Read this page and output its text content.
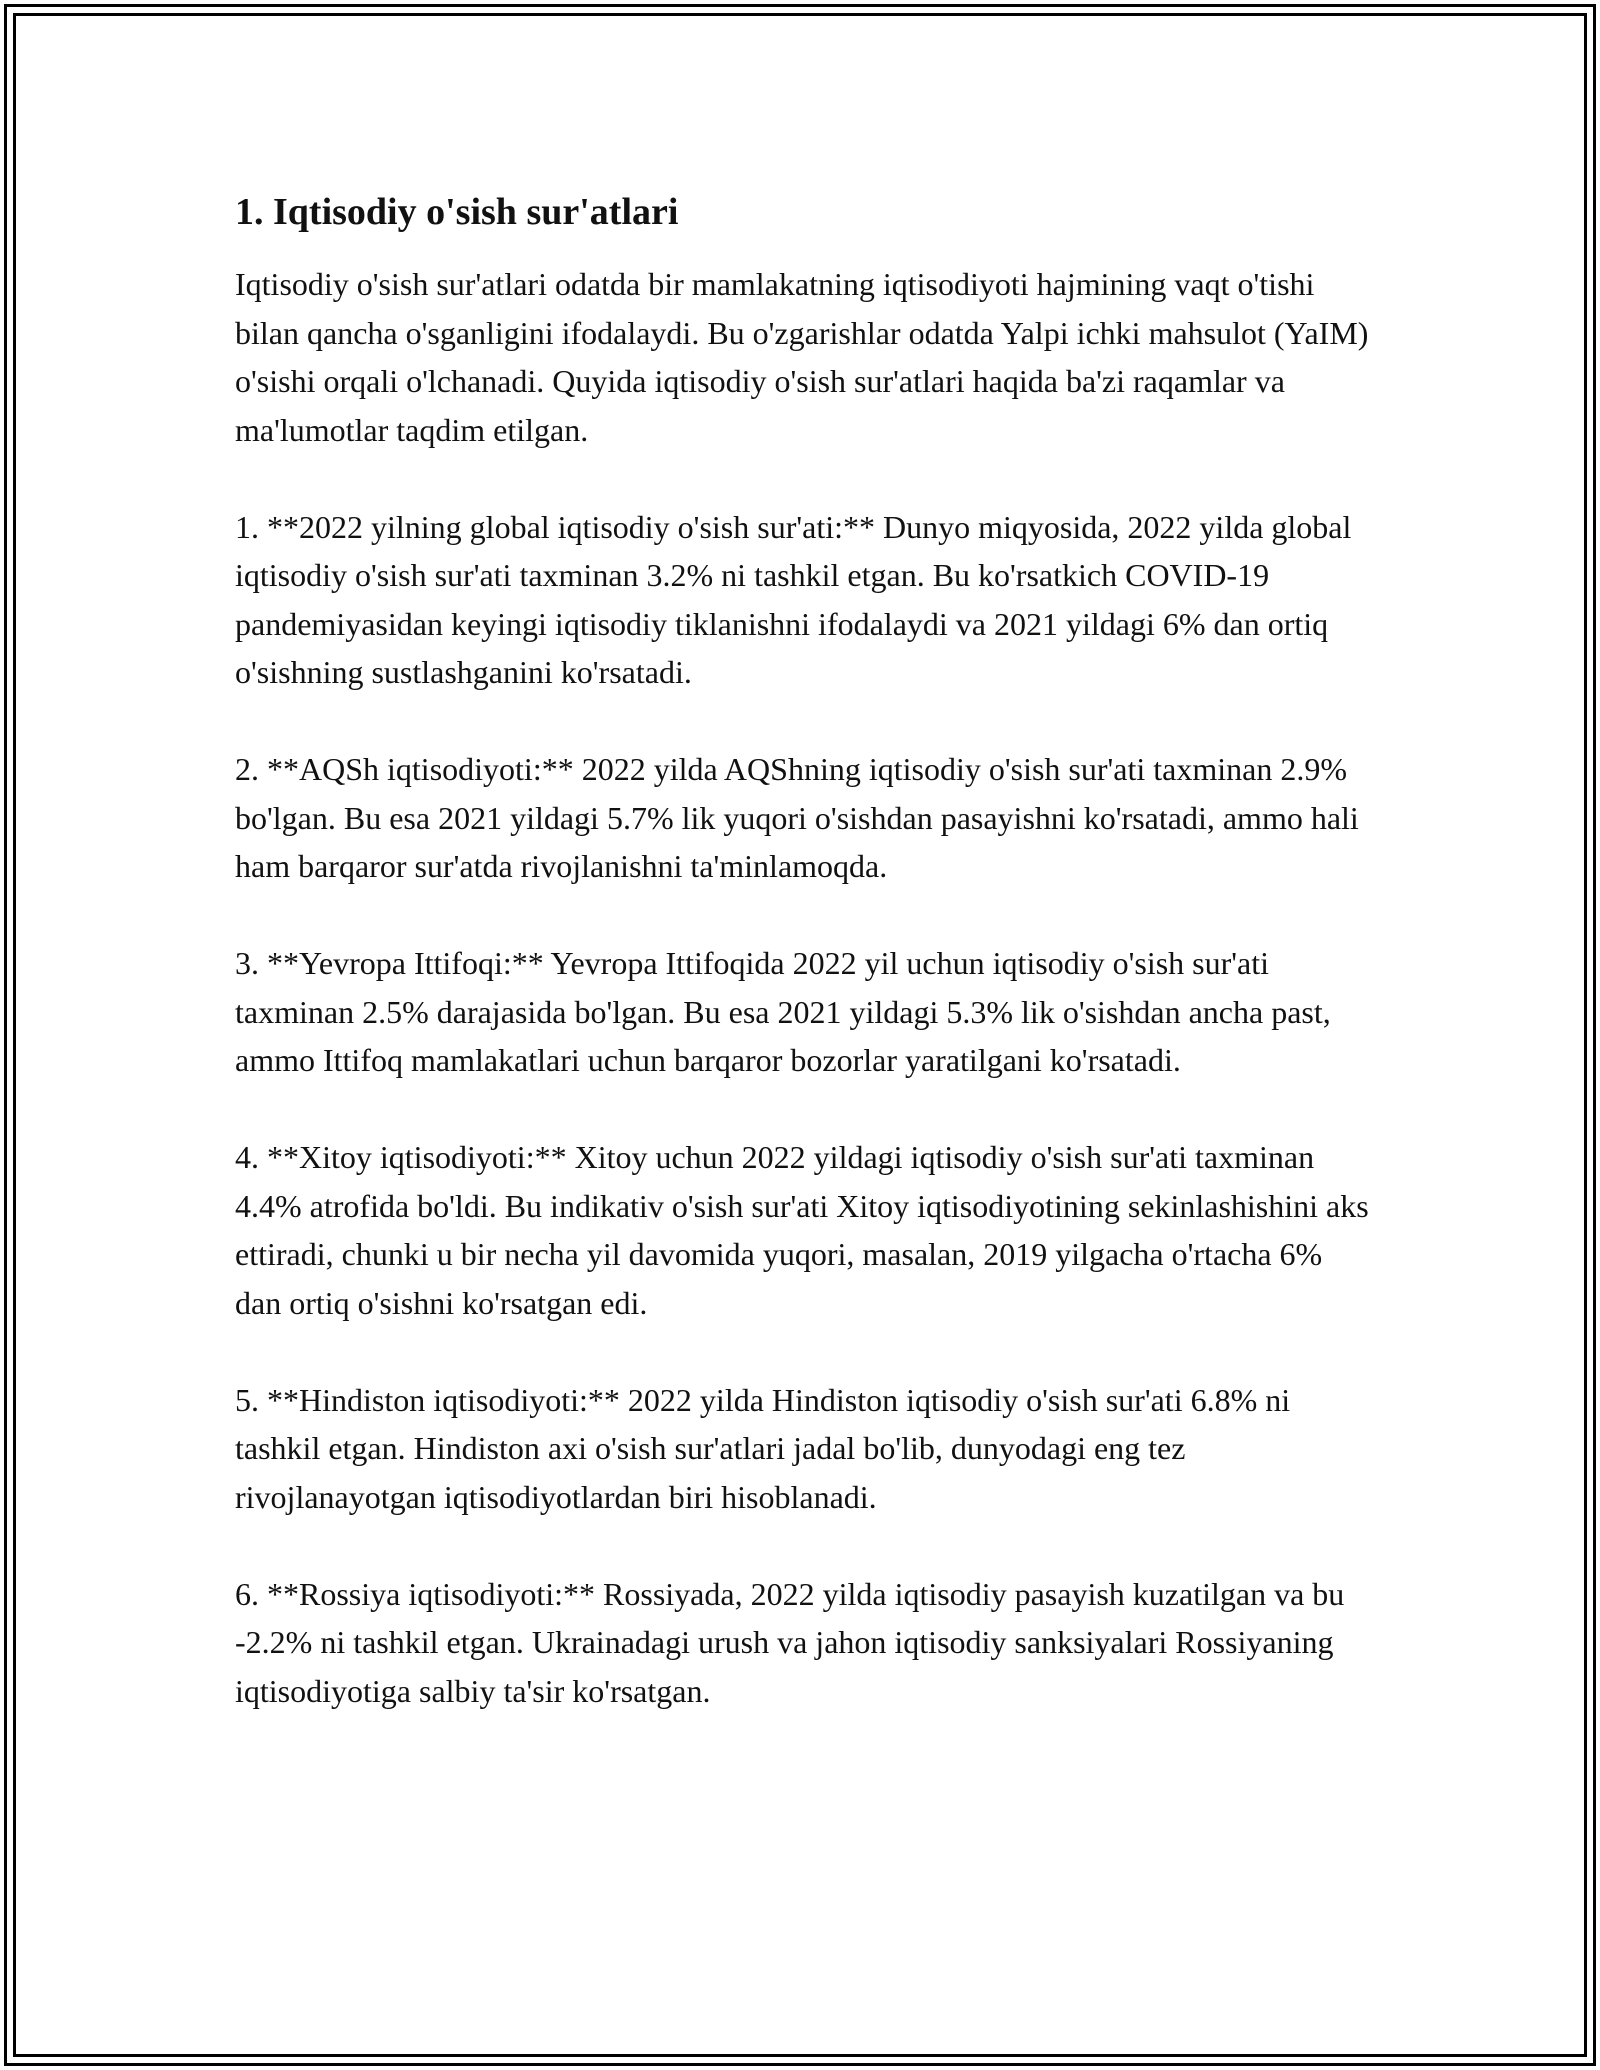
1. Iqtisodiy o'sish sur'atlari

Iqtisodiy o'sish sur'atlari odatda bir mamlakatning iqtisodiyoti hajmining vaqt o'tishi bilan qancha o'sganligini ifodalaydi. Bu o'zgarishlar odatda Yalpi ichki mahsulot (YaIM) o'sishi orqali o'lchanadi. Quyida iqtisodiy o'sish sur'atlari haqida ba'zi raqamlar va ma'lumotlar taqdim etilgan.

1. **2022 yilning global iqtisodiy o'sish sur'ati:** Dunyo miqyosida, 2022 yilda global iqtisodiy o'sish sur'ati taxminan 3.2% ni tashkil etgan. Bu ko'rsatkich COVID-19 pandemiyasidan keyingi iqtisodiy tiklanishni ifodalaydi va 2021 yildagi 6% dan ortiq o'sishning sustlashganini ko'rsatadi.

2. **AQSh iqtisodiyoti:** 2022 yilda AQShning iqtisodiy o'sish sur'ati taxminan 2.9% bo'lgan. Bu esa 2021 yildagi 5.7% lik yuqori o'sishdan pasayishni ko'rsatadi, ammo hali ham barqaror sur'atda rivojlanishni ta'minlamoqda.

3. **Yevropa Ittifoqi:** Yevropa Ittifoqida 2022 yil uchun iqtisodiy o'sish sur'ati taxminan 2.5% darajasida bo'lgan. Bu esa 2021 yildagi 5.3% lik o'sishdan ancha past, ammo Ittifoq mamlakatlari uchun barqaror bozorlar yaratilgani ko'rsatadi.

4. **Xitoy iqtisodiyoti:** Xitoy uchun 2022 yildagi iqtisodiy o'sish sur'ati taxminan 4.4% atrofida bo'ldi. Bu indikativ o'sish sur'ati Xitoy iqtisodiyotining sekinlashishini aks ettiradi, chunki u bir necha yil davomida yuqori, masalan, 2019 yilgacha o'rtacha 6% dan ortiq o'sishni ko'rsatgan edi.

5. **Hindiston iqtisodiyoti:** 2022 yilda Hindiston iqtisodiy o'sish sur'ati 6.8% ni tashkil etgan. Hindiston axi o'sish sur'atlari jadal bo'lib, dunyodagi eng tez rivojlanayotgan iqtisodiyotlardan biri hisoblanadi.

6. **Rossiya iqtisodiyoti:** Rossiyada, 2022 yilda iqtisodiy pasayish kuzatilgan va bu -2.2% ni tashkil etgan. Ukrainadagi urush va jahon iqtisodiy sanksiyalari Rossiyaning iqtisodiyotiga salbiy ta'sir ko'rsatgan.
